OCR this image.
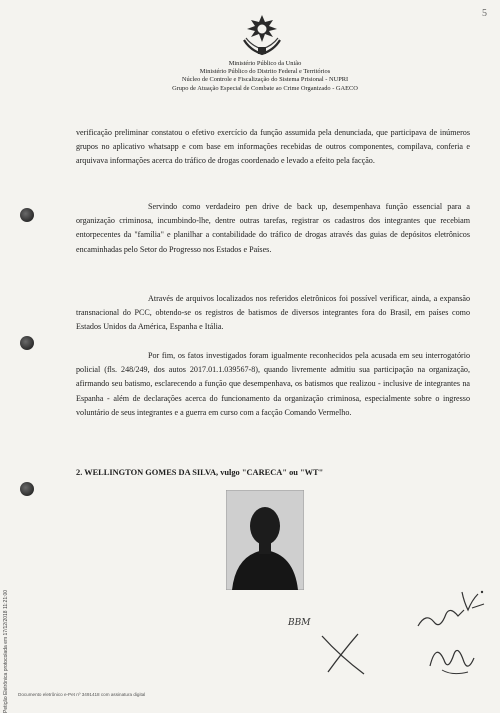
5
Ministério Público da União
Ministério Público do Distrito Federal e Territórios
Núcleo de Controle e Fiscalização do Sistema Prisional - NUPRI
Grupo de Atuação Especial de Combate ao Crime Organizado - GAECO

verificação preliminar constatou o efetivo exercício da função assumida pela denunciada, que participava de inúmeros grupos no aplicativo whatsapp e com base em informações recebidas de outros componentes, compilava, conferia e arquivava informações acerca do tráfico de drogas coordenado e levado a efeito pela facção.

Servindo como verdadeiro pen drive de back up, desempenhava função essencial para a organização criminosa, incumbindo-lhe, dentre outras tarefas, registrar os cadastros dos integrantes que recebiam entorpecentes da "família" e planilhar a contabilidade do tráfico de drogas através das guias de depósitos eletrônicos encaminhadas pelo Setor do Progresso nos Estados e Países.

Através de arquivos localizados nos referidos eletrônicos foi possível verificar, ainda, a expansão transnacional do PCC, obtendo-se os registros de batismos de diversos integrantes fora do Brasil, em países como Estados Unidos da América, Espanha e Itália.

Por fim, os fatos investigados foram igualmente reconhecidos pela acusada em seu interrogatório policial (fls. 248/249, dos autos 2017.01.1.039567-8), quando livremente admitiu sua participação na organização, afirmando seu batismo, esclarecendo a função que desempenhava, os batismos que realizou - inclusive de integrantes na Espanha - além de declarações acerca do funcionamento da organização criminosa, especialmente sobre o ingresso voluntário de seus integrantes e a guerra em curso com a facção Comando Vermelho.

2. WELLINGTON GOMES DA SILVA, vulgo "CARECA" ou "WT"
Petição Eletrônica protocolada em 17/12/2018 11:21:00 Documento eletrônico e-Pet nº 3491418 com assinatura digital
BBM
